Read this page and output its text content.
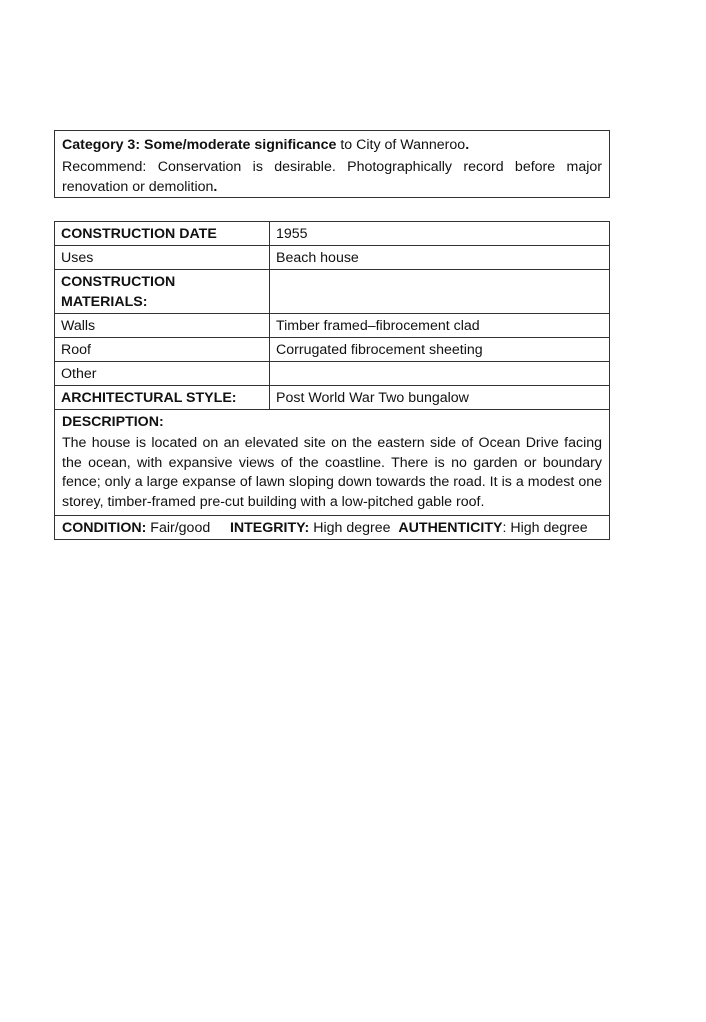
Category 3: Some/moderate significance to City of Wanneroo.
Recommend: Conservation is desirable. Photographically record before major renovation or demolition.
CONSTRUCTION DATE	1955
Uses	Beach house

CONSTRUCTION MATERIALS:	

Walls	Timber framed–fibrocement clad
Roof	Corrugated fibrocement sheeting
Other	
ARCHITECTURAL STYLE:	Post World War Two bungalow

DESCRIPTION:
The house is located on an elevated site on the eastern side of Ocean Drive facing the ocean, with expansive views of the coastline. There is no garden or boundary fence; only a large expanse of lawn sloping down towards the road. It is a modest one storey, timber-framed pre-cut building with a low-pitched gable roof.	

CONDITION: Fair/good     INTEGRITY: High degree  AUTHENTICITY: High degree	
